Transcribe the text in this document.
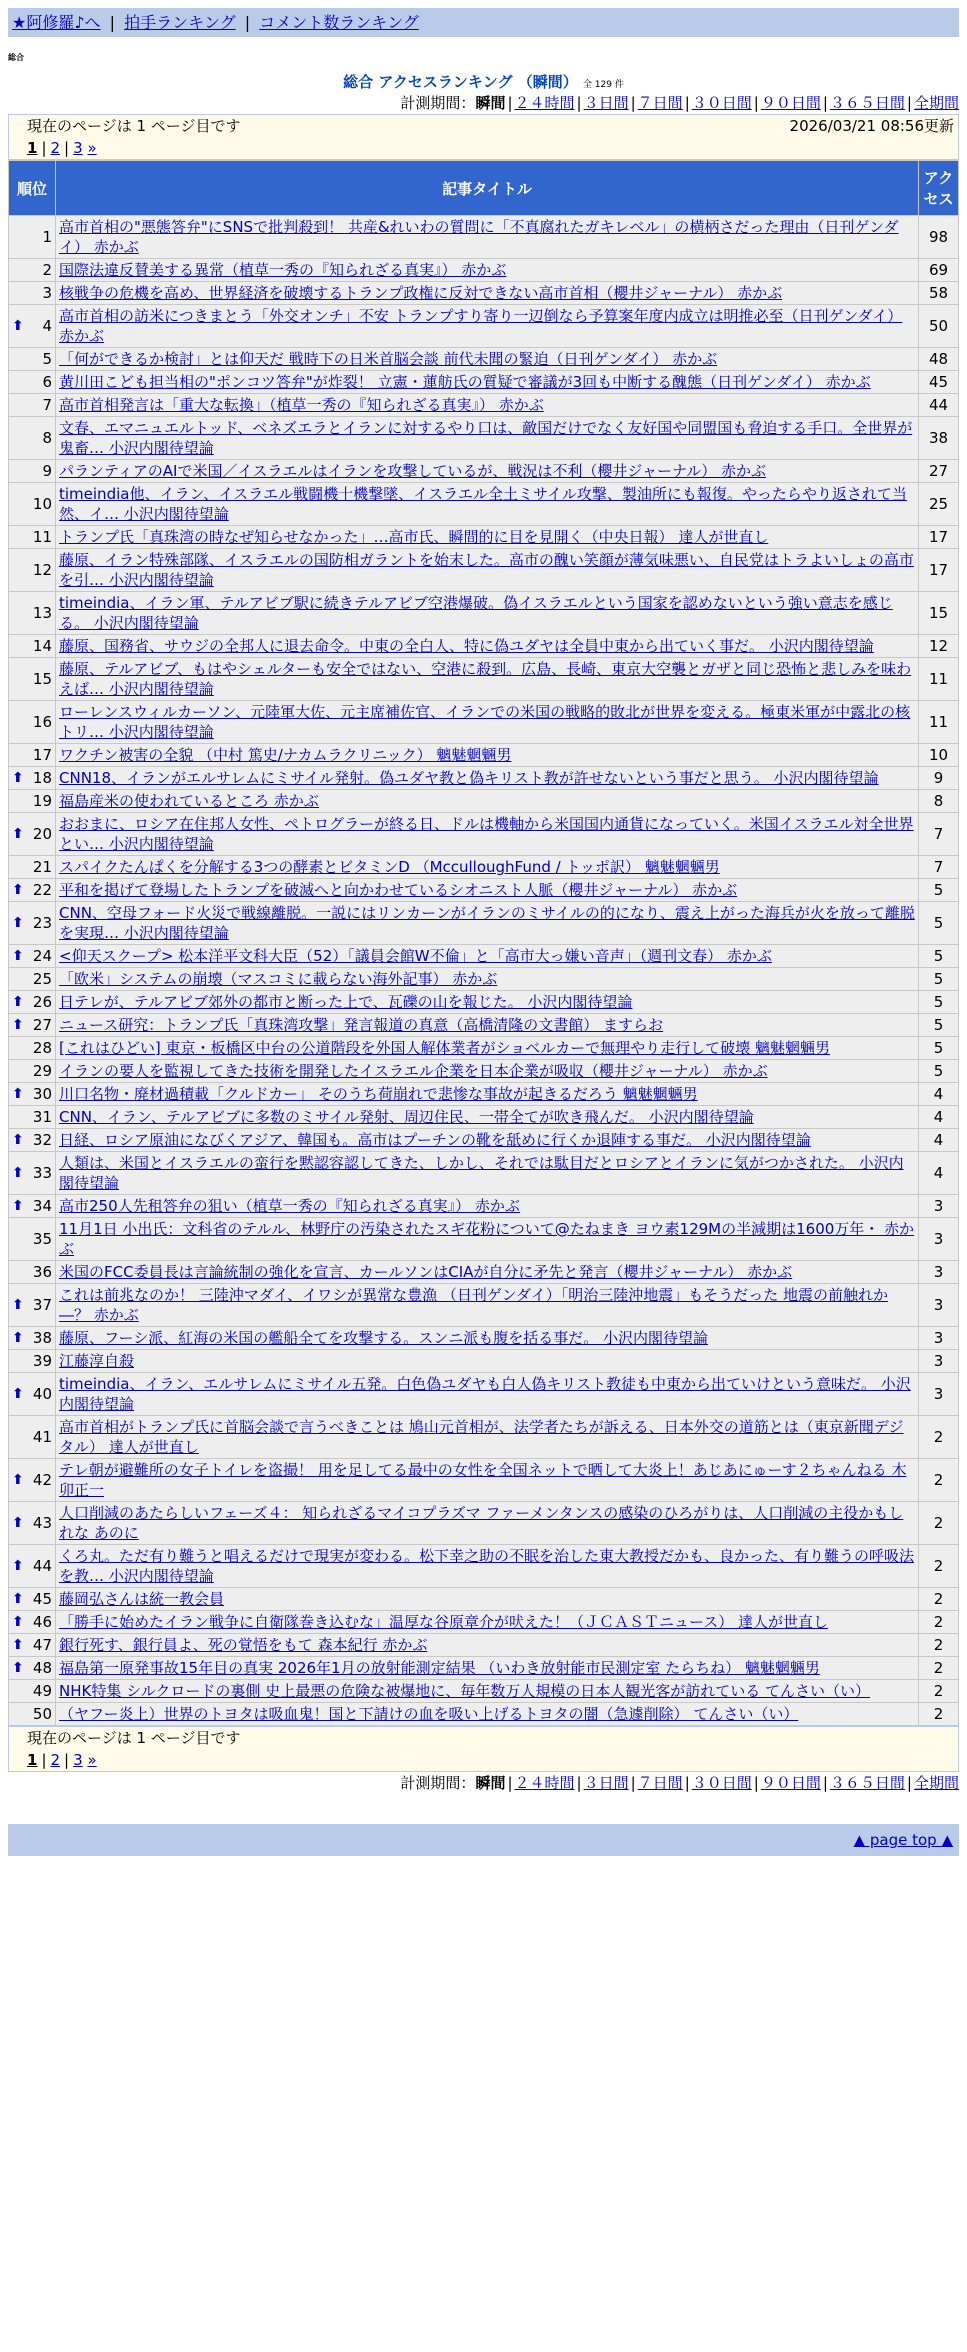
★阿修羅♪へ | 拍手ランキング | コメント数ランキング
総合
総合 アクセスランキング （瞬間） 全 129 件
計測期間：瞬間 | ２４時間 | ３日間 | ７日間 | ３０日間 | ９０日間 | ３６５日間 | 全期間
現在のページは 1 ページ目です	2026/03/21 08:56更新
1 | 2 | 3 »
順位	記事タイトル	アクセス
1	高市首相の"悪態答弁"にSNSで批判殺到！ 共産&れいわの質問に「不真腐れたガキレベル」の横柄さだった理由（日刊ゲンダイ） 赤かぶ	98
2	国際法違反賛美する異常（植草一秀の『知られざる真実』） 赤かぶ	69
3	核戦争の危機を高め、世界経済を破壊するトランプ政権に反対できない高市首相（櫻井ジャーナル） 赤かぶ	58

⬆ 4	高市首相の訪米につきまとう「外交オンチ」不安 トランプすり寄り一辺倒なら予算案年度内成立は明推必至（日刊ゲンダイ） 赤かぶ	50
5	「何ができるか検討」とは仰天だ 戦時下の日米首脳会談 前代未聞の緊迫（日刊ゲンダイ） 赤かぶ	48
6	黄川田こども担当相の"ポンコツ答弁"が炸裂！ 立憲・蓮舫氏の質疑で審議が3回も中断する醜態（日刊ゲンダイ） 赤かぶ	45
7	高市首相発言は「重大な転換」（植草一秀の『知られざる真実』） 赤かぶ	44
8	文春、エマニュエルトッド、ベネズエラとイランに対するやり口は、敵国だけでなく友好国や同盟国も脅迫する手口。全世界が鬼畜… 小沢内閣待望論	38
9	パランティアのAIで米国／イスラエルはイランを攻撃しているが、戦況は不利（櫻井ジャーナル） 赤かぶ	27
10	timeindia他、イラン、イスラエル戦闘機十機撃墜、イスラエル全土ミサイル攻撃、製油所にも報復。やったらやり返されて当然、イ… 小沢内閣待望論	25
11	トランプ氏「真珠湾の時なぜ知らせなかった」…高市氏、瞬間的に目を見開く（中央日報） 達人が世直し	17
12	藤原、イラン特殊部隊、イスラエルの国防相ガラントを始末した。高市の醜い笑顔が薄気味悪い、自民党はトラよいしょの高市を引… 小沢内閣待望論	17
13	timeindia、イラン軍、テルアビブ駅に続きテルアビブ空港爆破。偽イスラエルという国家を認めないという強い意志を感じる。 小沢内閣待望論	15
14	藤原、国務省、サウジの全邦人に退去命令。中東の全白人、特に偽ユダヤは全員中東から出ていく事だ。 小沢内閣待望論	12
15	藤原、テルアビブ、もはやシェルターも安全ではない、空港に殺到。広島、長崎、東京大空襲とガザと同じ恐怖と悲しみを味わえば… 小沢内閣待望論	11
16	ローレンスウィルカーソン、元陸軍大佐、元主席補佐官、イランでの米国の戦略的敗北が世界を変える。極東米軍が中露北の核トリ… 小沢内閣待望論	11
17	ワクチン被害の全貌 （中村 篤史/ナカムラクリニック） 魑魅魍魎男	10

⬆ 18	CNN18、イランがエルサレムにミサイル発射。偽ユダヤ教と偽キリスト教が許せないという事だと思う。 小沢内閣待望論	9
19	福島産米の使われているところ 赤かぶ	8

⬆ 20	おおまに、ロシア在住邦人女性、ペトログラーが終る日、ドルは機軸から米国国内通貨になっていく。米国イスラエル対全世界とい… 小沢内閣待望論	7
21	スパイクたんぱくを分解する3つの酵素とビタミンD （McculloughFund / トッポ訳） 魑魅魍魎男	7

⬆ 22	平和を掲げて登場したトランプを破滅へと向かわせているシオニスト人脈（櫻井ジャーナル） 赤かぶ	5

⬆ 23	CNN、空母フォード火災で戦線離脱。一説にはリンカーンがイランのミサイルの的になり、震え上がった海兵が火を放って離脱を実現… 小沢内閣待望論	5

⬆ 24	<仰天スクープ> 松本洋平文科大臣（52）「議員会館W不倫」と「高市大っ嫌い音声」（週刊文春） 赤かぶ	5
25	「欧米」システムの崩壊（マスコミに載らない海外記事） 赤かぶ	5

⬆ 26	日テレが、テルアビブ郊外の都市と断った上で、瓦礫の山を報じた。 小沢内閣待望論	5

⬆ 27	ニュース研究：トランプ氏「真珠湾攻撃」発言報道の真意（高橋清隆の文書館） ますらお	5
28	[これはひどい] 東京・板橋区中台の公道階段を外国人解体業者がショベルカーで無理やり走行して破壊 魑魅魍魎男	5
29	イランの要人を監視してきた技術を開発したイスラエル企業を日本企業が吸収（櫻井ジャーナル） 赤かぶ	5

⬆ 30	川口名物・廃材過積載「クルドカー」 そのうち荷崩れで悲惨な事故が起きるだろう 魑魅魍魎男	4
31	CNN、イラン、テルアビブに多数のミサイル発射、周辺住民、一帯全てが吹き飛んだ。 小沢内閣待望論	4

⬆ 32	日経、ロシア原油になびくアジア、韓国も。高市はプーチンの靴を舐めに行くか退陣する事だ。 小沢内閣待望論	4

⬆ 33	人類は、米国とイスラエルの蛮行を黙認容認してきた、しかし、それでは駄目だとロシアとイランに気がつかされた。 小沢内閣待望論	4

⬆ 34	高市250人先租答弁の狙い（植草一秀の『知られざる真実』） 赤かぶ	3
35	11月1日 小出氏：文科省のテルル、林野庁の汚染されたスギ花粉について@たねまき ヨウ素129Mの半減期は1600万年・ 赤かぶ	3
36	米国のFCC委員長は言論統制の強化を宣言、カールソンはCIAが自分に矛先と発言（櫻井ジャーナル） 赤かぶ	3

⬆ 37	これは前兆なのか！ 三陸沖マダイ、イワシが異常な豊漁 （日刊ゲンダイ）「明治三陸沖地震」もそうだった 地震の前触れか―？ 赤かぶ	3

⬆ 38	藤原、フーシ派、紅海の米国の艦船全てを攻撃する。スンニ派も腹を括る事だ。 小沢内閣待望論	3
39	江藤淳自殺	3

⬆ 40	timeindia、イラン、エルサレムにミサイル五発。白色偽ユダヤも白人偽キリスト教徒も中東から出ていけという意味だ。 小沢内閣待望論	3
41	高市首相がトランプ氏に首脳会談で言うべきことは 鳩山元首相が、法学者たちが訴える、日本外交の道筋とは（東京新聞デジタル） 達人が世直し	2

⬆ 42	テレ朝が避難所の女子トイレを盗撮！ 用を足してる最中の女性を全国ネットで晒して大炎上！あじあにゅーす２ちゃんねる 木卯正一	2

⬆ 43	人口削減のあたらしいフェーズ４： 知られざるマイコプラズマ ファーメンタンスの感染のひろがりは、人口削減の主役かもしれな あのに	2

⬆ 44	くろ丸。ただ有り難うと唱えるだけで現実が変わる。松下幸之助の不眠を治した東大教授だかも、良かった、有り難うの呼吸法を教… 小沢内閣待望論	2

⬆ 45	藤岡弘さんは統一教会員	2

⬆ 46	「勝手に始めたイラン戦争に自衛隊巻き込むな」温厚な谷原章介が吠えた！（ＪＣＡＳＴニュース） 達人が世直し	2

⬆ 47	銀行死す、銀行員よ、死の覚悟をもて 森本紀行 赤かぶ	2

⬆ 48	福島第一原発事故15年目の真実 2026年1月の放射能測定結果 （いわき放射能市民測定室 たらちね） 魑魅魍魎男	2
49	NHK特集 シルクロードの裏側 史上最悪の危険な被爆地に、毎年数万人規模の日本人観光客が訪れている てんさい（い）	2
50	（ヤフー炎上）世界のトヨタは吸血鬼！国と下請けの血を吸い上げるトヨタの闇（急遽削除） てんさい（い）	2
現在のページは 1 ページ目です
1 | 2 | 3 »
計測期間：瞬間 | ２４時間 | ３日間 | ７日間 | ３０日間 | ９０日間 | ３６５日間 | 全期間
▲ page top ▲
